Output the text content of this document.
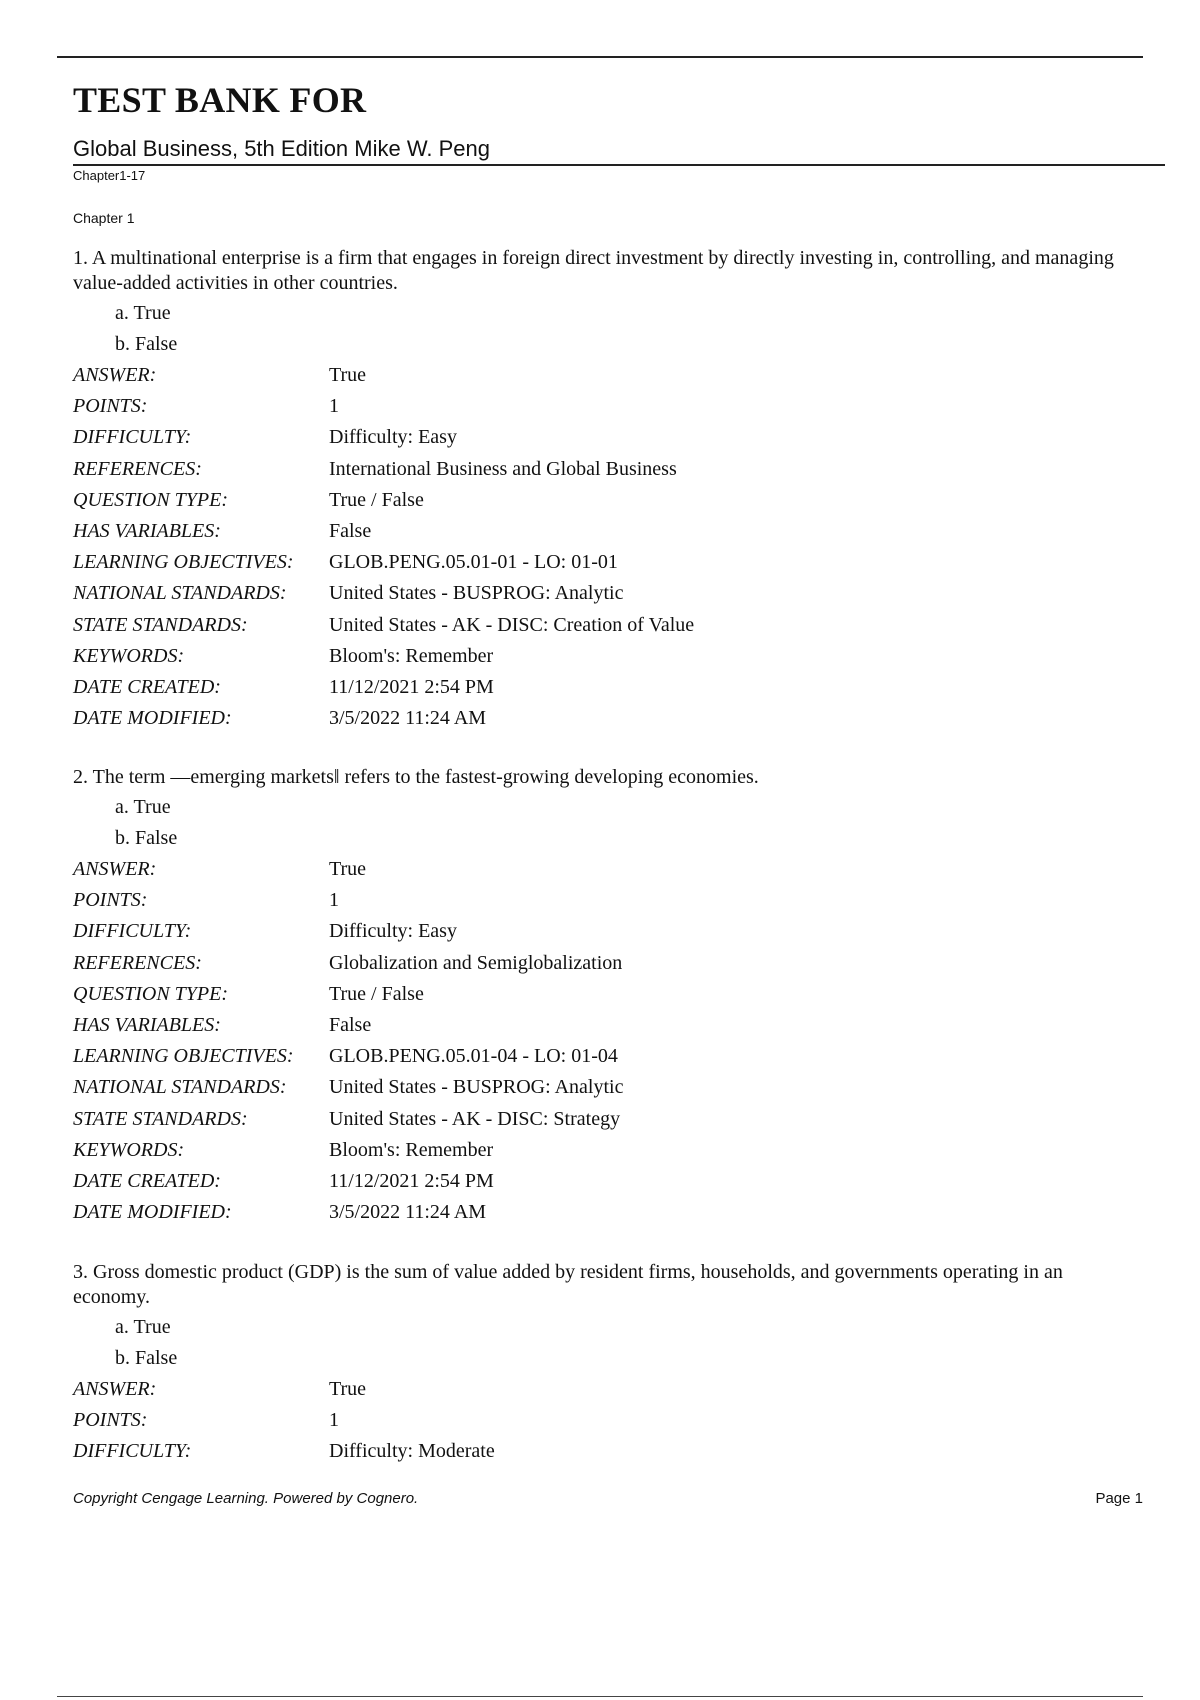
TEST BANK FOR
Global Business, 5th Edition Mike W. Peng
Chapter1-17
Chapter 1

1. A multinational enterprise is a firm that engages in foreign direct investment by directly investing in, controlling, and managing value-added activities in other countries.

a. True
b. False
ANSWER:	True
POINTS:	1
DIFFICULTY:	Difficulty: Easy
REFERENCES:	International Business and Global Business
QUESTION TYPE:	True / False
HAS VARIABLES:	False
LEARNING OBJECTIVES:	GLOB.PENG.05.01-01 - LO: 01-01
NATIONAL STANDARDS:	United States - BUSPROG: Analytic
STATE STANDARDS:	United States - AK - DISC: Creation of Value
KEYWORDS:	Bloom's: Remember
DATE CREATED:	11/12/2021 2:54 PM
DATE MODIFIED:	3/5/2022 11:24 AM

2. The term —emerging markets‖ refers to the fastest-growing developing economies.

a. True
b. False
ANSWER:	True
POINTS:	1
DIFFICULTY:	Difficulty: Easy
REFERENCES:	Globalization and Semiglobalization
QUESTION TYPE:	True / False
HAS VARIABLES:	False
LEARNING OBJECTIVES:	GLOB.PENG.05.01-04 - LO: 01-04
NATIONAL STANDARDS:	United States - BUSPROG: Analytic
STATE STANDARDS:	United States - AK - DISC: Strategy
KEYWORDS:	Bloom's: Remember
DATE CREATED:	11/12/2021 2:54 PM
DATE MODIFIED:	3/5/2022 11:24 AM

3. Gross domestic product (GDP) is the sum of value added by resident firms, households, and governments operating in an economy.

a. True
b. False
ANSWER:	True
POINTS:	1
DIFFICULTY:	Difficulty: Moderate
Copyright Cengage Learning. Powered by Cognero.	Page 1
